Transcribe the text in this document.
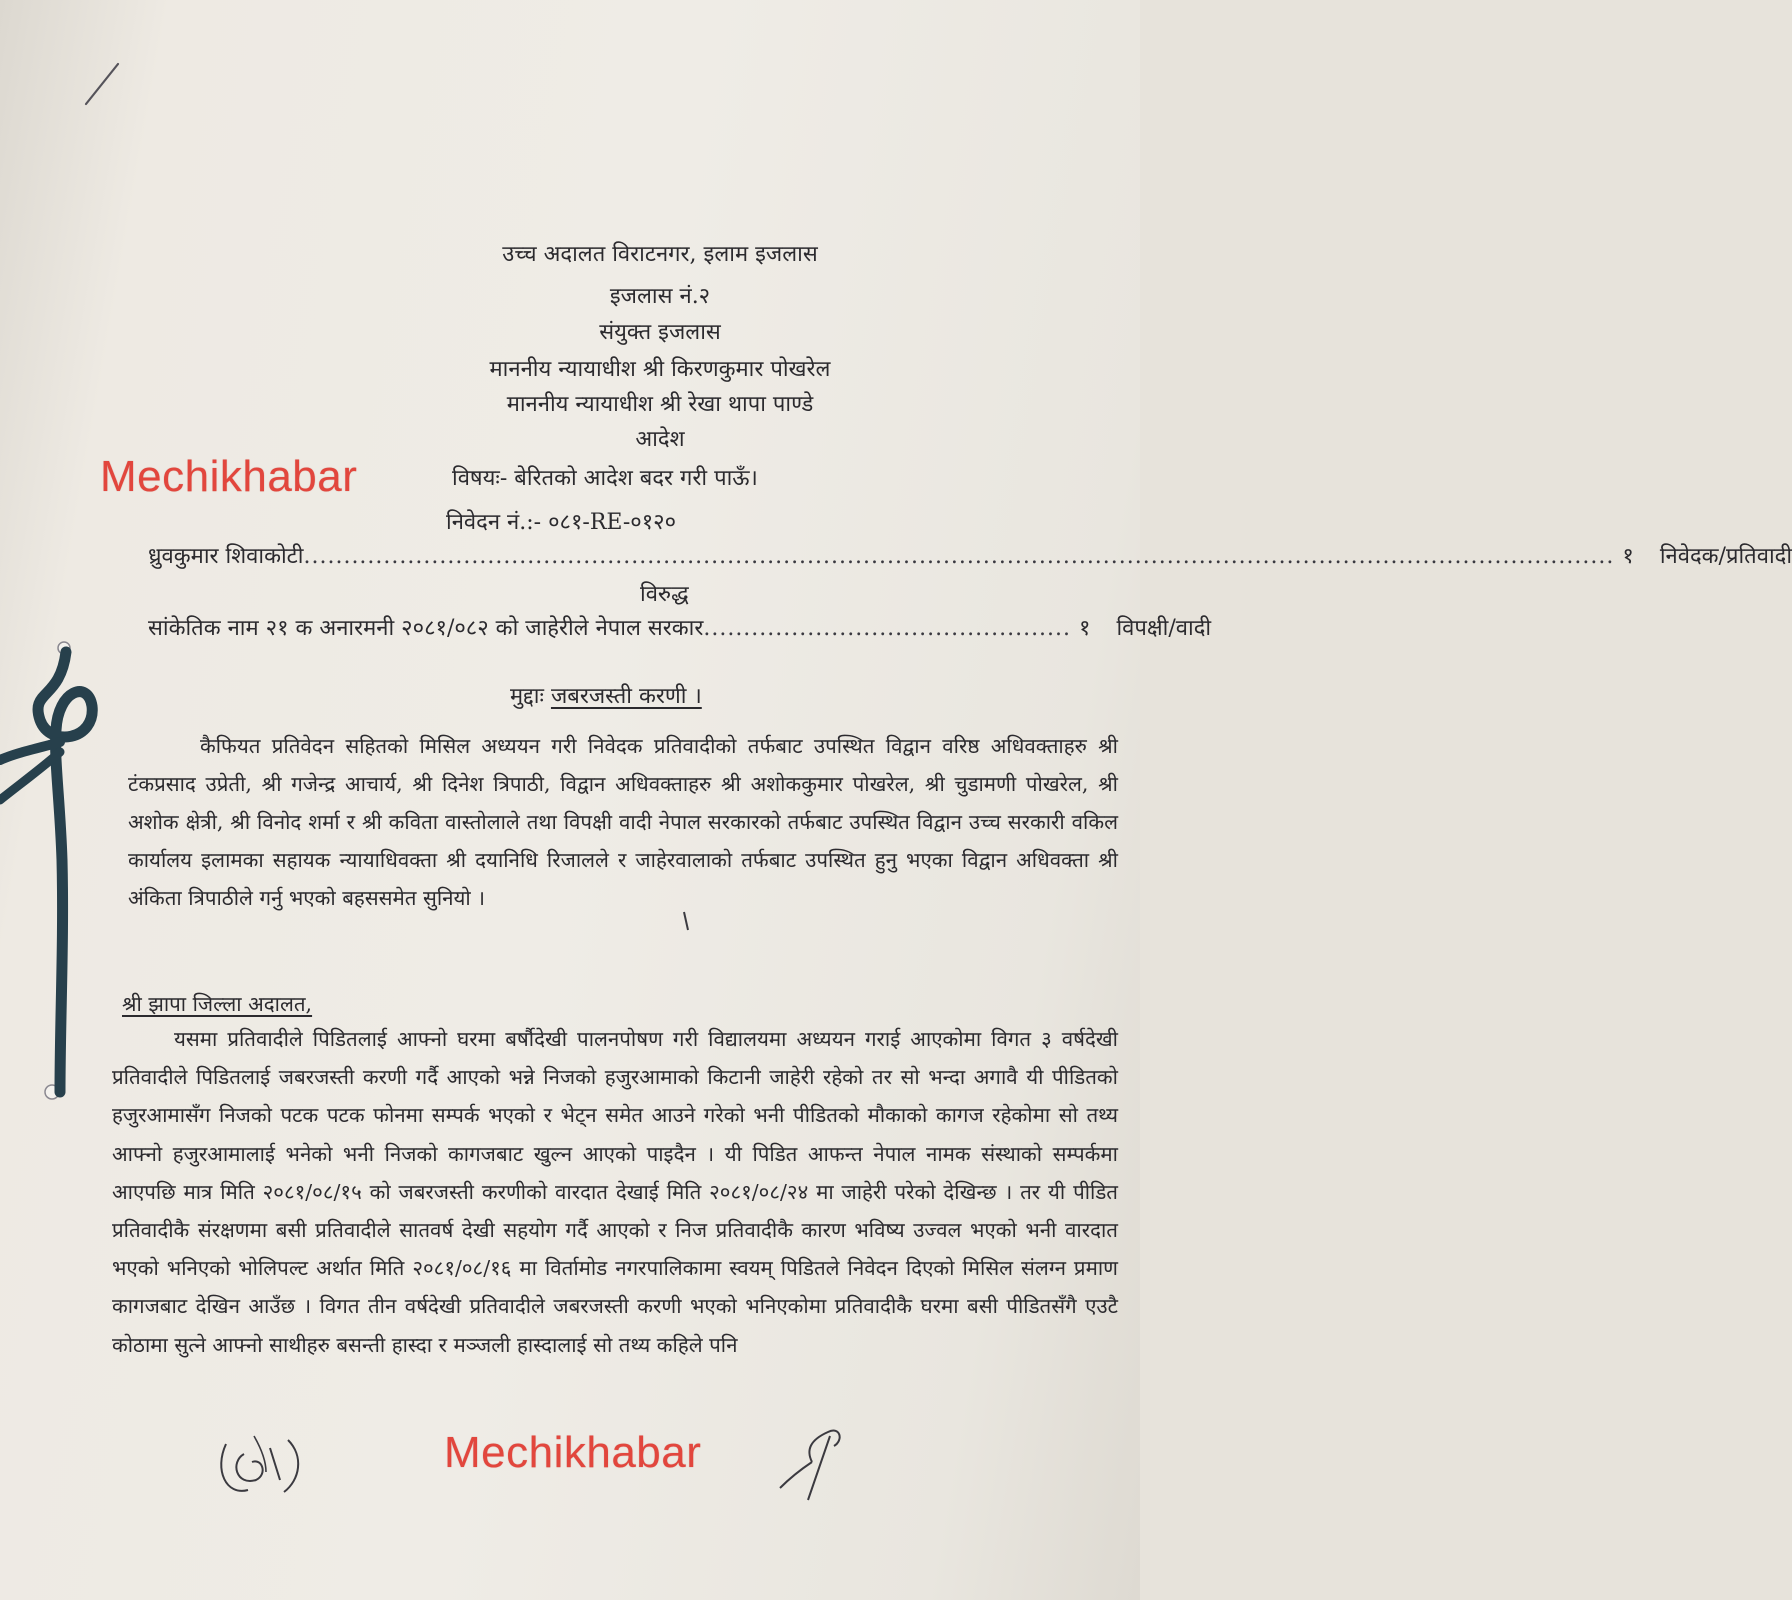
उच्च अदालत विराटनगर, इलाम इजलास
इजलास नं.२
संयुक्त इजलास
माननीय न्यायाधीश श्री किरणकुमार पोखरेल
माननीय न्यायाधीश श्री रेखा थापा पाण्डे
आदेश
विषयः- बेरितको आदेश बदर गरी पाऊँ।
निवेदन नं.:- ०८१-RE-०१२०
ध्रुवकुमार शिवाकोटी .................................................................................................................................................................... १ निवेदक/प्रतिवादी
विरुद्ध
सांकेतिक नाम २१ क अनारमनी २०८१/०८२ को जाहेरीले नेपाल सरकार .............................................. १ विपक्षी/वादी
मुद्दाः जबरजस्ती करणी ।
कैफियत प्रतिवेदन सहितको मिसिल अध्ययन गरी निवेदक प्रतिवादीको तर्फबाट उपस्थित विद्वान वरिष्ठ अधिवक्ताहरु श्री टंकप्रसाद उप्रेती, श्री गजेन्द्र आचार्य, श्री दिनेश त्रिपाठी, विद्वान अधिवक्ताहरु श्री अशोककुमार पोखरेल, श्री चुडामणी पोखरेल, श्री अशोक क्षेत्री, श्री विनोद शर्मा र श्री कविता वास्तोलाले तथा विपक्षी वादी नेपाल सरकारको तर्फबाट उपस्थित विद्वान उच्च सरकारी वकिल कार्यालय इलामका सहायक न्यायाधिवक्ता श्री दयानिधि रिजालले र जाहेरवालाको तर्फबाट उपस्थित हुनु भएका विद्वान अधिवक्ता श्री अंकिता त्रिपाठीले गर्नु भएको बहससमेत सुनियो ।
श्री झापा जिल्ला अदालत,
यसमा प्रतिवादीले पिडितलाई आफ्नो घरमा बर्षौदेखी पालनपोषण गरी विद्यालयमा अध्ययन गराई आएकोमा विगत ३ वर्षदेखी प्रतिवादीले पिडितलाई जबरजस्ती करणी गर्दै आएको भन्ने निजको हजुरआमाको किटानी जाहेरी रहेको तर सो भन्दा अगावै यी पीडितको हजुरआमासँग निजको पटक पटक फोनमा सम्पर्क भएको र भेट्न समेत आउने गरेको भनी पीडितको मौकाको कागज रहेकोमा सो तथ्य आफ्नो हजुरआमालाई भनेको भनी निजको कागजबाट खुल्न आएको पाइदैन । यी पिडित आफन्त नेपाल नामक संस्थाको सम्पर्कमा आएपछि मात्र मिति २०८१/०८/१५ को जबरजस्ती करणीको वारदात देखाई मिति २०८१/०८/२४ मा जाहेरी परेको देखिन्छ । तर यी पीडित प्रतिवादीकै संरक्षणमा बसी प्रतिवादीले सातवर्ष देखी सहयोग गर्दै आएको र निज प्रतिवादीकै कारण भविष्य उज्वल भएको भनी वारदात भएको भनिएको भोलिपल्ट अर्थात मिति २०८१/०८/१६ मा विर्तामोड नगरपालिकामा स्वयम् पिडितले निवेदन दिएको मिसिल संलग्न प्रमाण कागजबाट देखिन आउँछ । विगत तीन वर्षदेखी प्रतिवादीले जबरजस्ती करणी भएको भनिएकोमा प्रतिवादीकै घरमा बसी पीडितसँगै एउटै कोठामा सुत्ने आफ्नो साथीहरु बसन्ती हास्दा र मञ्जली हास्दालाई सो तथ्य कहिले पनि
Mechikhabar
Mechikhabar
